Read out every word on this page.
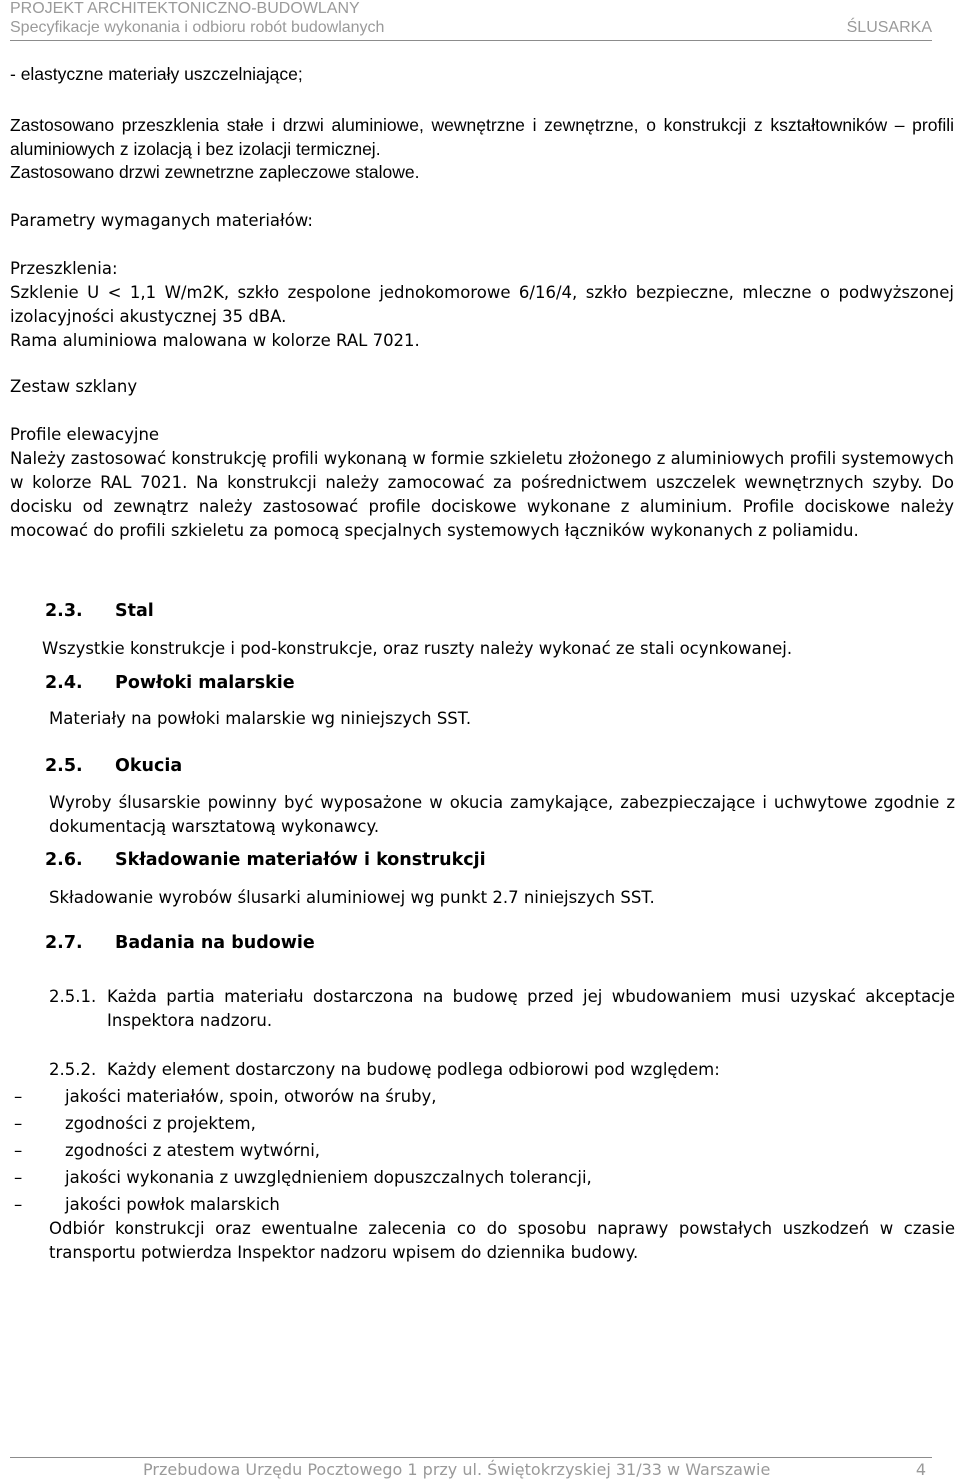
PROJEKT ARCHITEKTONICZNO-BUDOWLANY
Specyfikacje wykonania i odbioru robót budowlanych	ŚLUSARKA

- elastyczne materiały uszczelniające;

Zastosowano przeszklenia stałe i drzwi aluminiowe, wewnętrzne i zewnętrzne, o konstrukcji z kształtowników – profili aluminiowych z izolacją i bez izolacji termicznej.

Zastosowano drzwi zewnetrzne zapleczowe stalowe.

Parametry wymaganych materiałów:

Przeszklenia:

Szklenie U < 1,1 W/m2K, szkło zespolone jednokomorowe 6/16/4, szkło bezpieczne, mleczne o podwyższonej izolacyjności akustycznej 35 dBA.

Rama aluminiowa malowana w kolorze RAL 7021.

Zestaw szklany

Profile elewacyjne

Należy zastosować konstrukcję profili wykonaną w formie szkieletu złożonego z aluminiowych profili systemowych w kolorze RAL 7021. Na konstrukcji należy zamocować za pośrednictwem uszczelek wewnętrznych szyby. Do docisku od zewnątrz należy zastosować profile dociskowe wykonane z aluminium. Profile dociskowe należy mocować do profili szkieletu za pomocą specjalnych systemowych łączników wykonanych z poliamidu.

2.3. Stal

Wszystkie konstrukcje i pod-konstrukcje, oraz ruszty należy wykonać ze stali ocynkowanej.

2.4. Powłoki malarskie

Materiały na powłoki malarskie wg niniejszych SST.

2.5. Okucia

Wyroby ślusarskie powinny być wyposażone w okucia zamykające, zabezpieczające i uchwytowe zgodnie z dokumentacją warsztatową wykonawcy.

2.6. Składowanie materiałów i konstrukcji

Składowanie wyrobów ślusarki aluminiowej wg punkt 2.7 niniejszych SST.

2.7. Badania na budowie
2.5.1. Każda partia materiału dostarczona na budowę przed jej wbudowaniem musi uzyskać akceptacje Inspektora nadzoru.
2.5.2. Każdy element dostarczony na budowę podlega odbiorowi pod względem:
–	jakości materiałów, spoin, otworów na śruby,
–	zgodności z projektem,
–	zgodności z atestem wytwórni,
–	jakości wykonania z uwzględnieniem dopuszczalnych tolerancji,
–	jakości powłok malarskich

Odbiór konstrukcji oraz ewentualne zalecenia co do sposobu naprawy powstałych uszkodzeń w czasie transportu potwierdza Inspektor nadzoru wpisem do dziennika budowy.

Przebudowa Urzędu Pocztowego 1 przy ul. Świętokrzyskiej 31/33 w Warszawie	4
